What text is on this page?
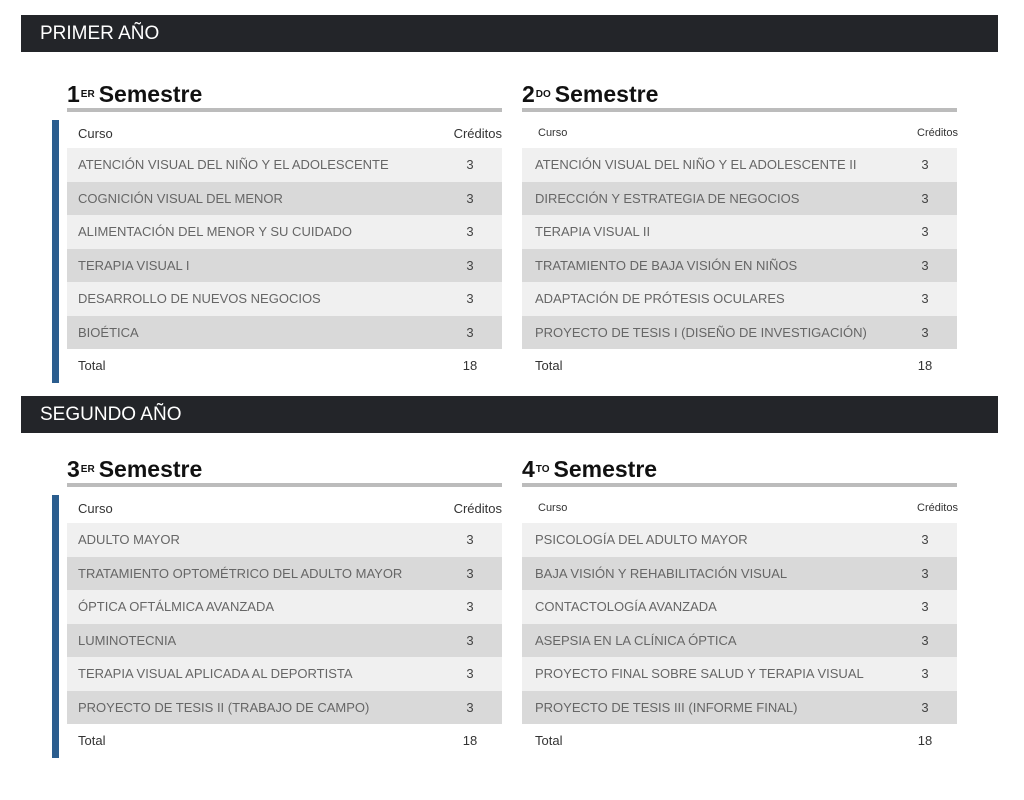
PRIMER AÑO
1ER Semestre
Curso	Créditos
ATENCIÓN VISUAL DEL NIÑO Y EL ADOLESCENTE	3
COGNICIÓN VISUAL DEL MENOR	3
ALIMENTACIÓN DEL MENOR Y SU CUIDADO	3
TERAPIA VISUAL I	3
DESARROLLO DE NUEVOS NEGOCIOS	3
BIOÉTICA	3
Total	18
$2^{DO}$ Semestre
Curso	Créditos
ATENCIÓN VISUAL DEL NIÑO Y EL ADOLESCENTE II	3
DIRECCIÓN Y ESTRATEGIA DE NEGOCIOS	3
TERAPIA VISUAL II	3
TRATAMIENTO DE BAJA VISIÓN EN NIÑOS	3
ADAPTACIÓN DE PRÓTESIS OCULARES	3
PROYECTO DE TESIS I (DISEÑO DE INVESTIGACIÓN)	3
Total	18
SEGUNDO AÑO
3ER Semestre
Curso	Créditos
ADULTO MAYOR	3
TRATAMIENTO OPTOMÉTRICO DEL ADULTO MAYOR	3
ÓPTICA OFTÁLMICA AVANZADA	3
LUMINOTECNIA	3
TERAPIA VISUAL APLICADA AL DEPORTISTA	3
PROYECTO DE TESIS II (TRABAJO DE CAMPO)	3
Total	18
$4^{TO}$ Semestre
Curso	Créditos
PSICOLOGÍA DEL ADULTO MAYOR	3
BAJA VISIÓN Y REHABILITACIÓN VISUAL	3
CONTACTOLOGÍA AVANZADA	3
ASEPSIA EN LA CLÍNICA ÓPTICA	3
PROYECTO FINAL SOBRE SALUD Y TERAPIA VISUAL	3
PROYECTO DE TESIS III (INFORME FINAL)	3
Total	18
